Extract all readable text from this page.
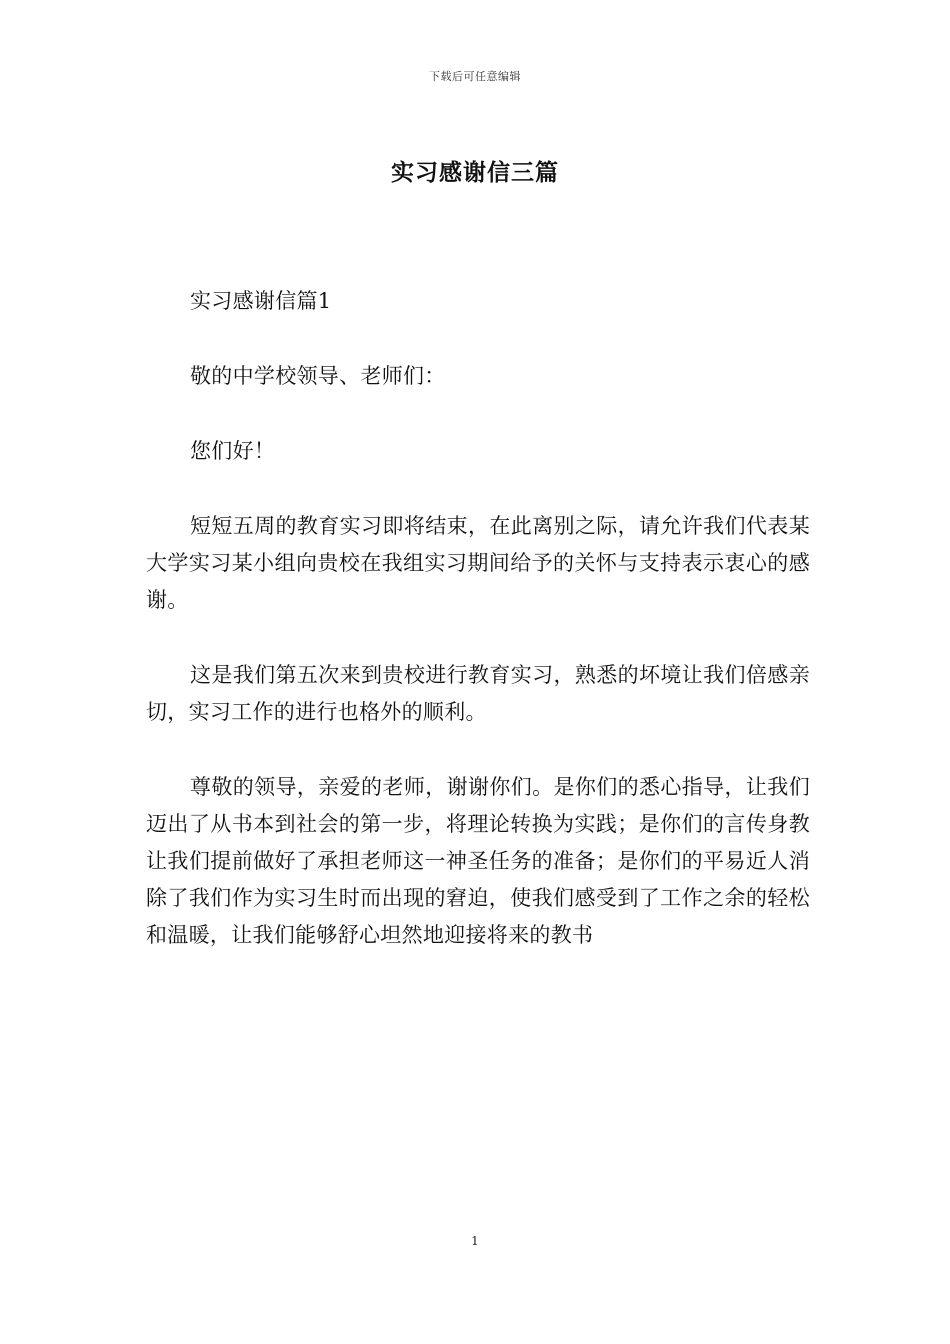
下载后可任意编辑
实习感谢信三篇

实习感谢信篇1

敬的中学校领导、老师们：

您们好！

短短五周的教育实习即将结束，在此离别之际，请允许我们代表某大学实习某小组向贵校在我组实习期间给予的关怀与支持表示衷心的感谢。

这是我们第五次来到贵校进行教育实习，熟悉的坏境让我们倍感亲切，实习工作的进行也格外的顺利。

尊敬的领导，亲爱的老师，谢谢你们。是你们的悉心指导，让我们迈出了从书本到社会的第一步，将理论转换为实践；是你们的言传身教让我们提前做好了承担老师这一神圣任务的准备；是你们的平易近人消除了我们作为实习生时而出现的窘迫，使我们感受到了工作之余的轻松和温暖，让我们能够舒心坦然地迎接将来的教书

1
